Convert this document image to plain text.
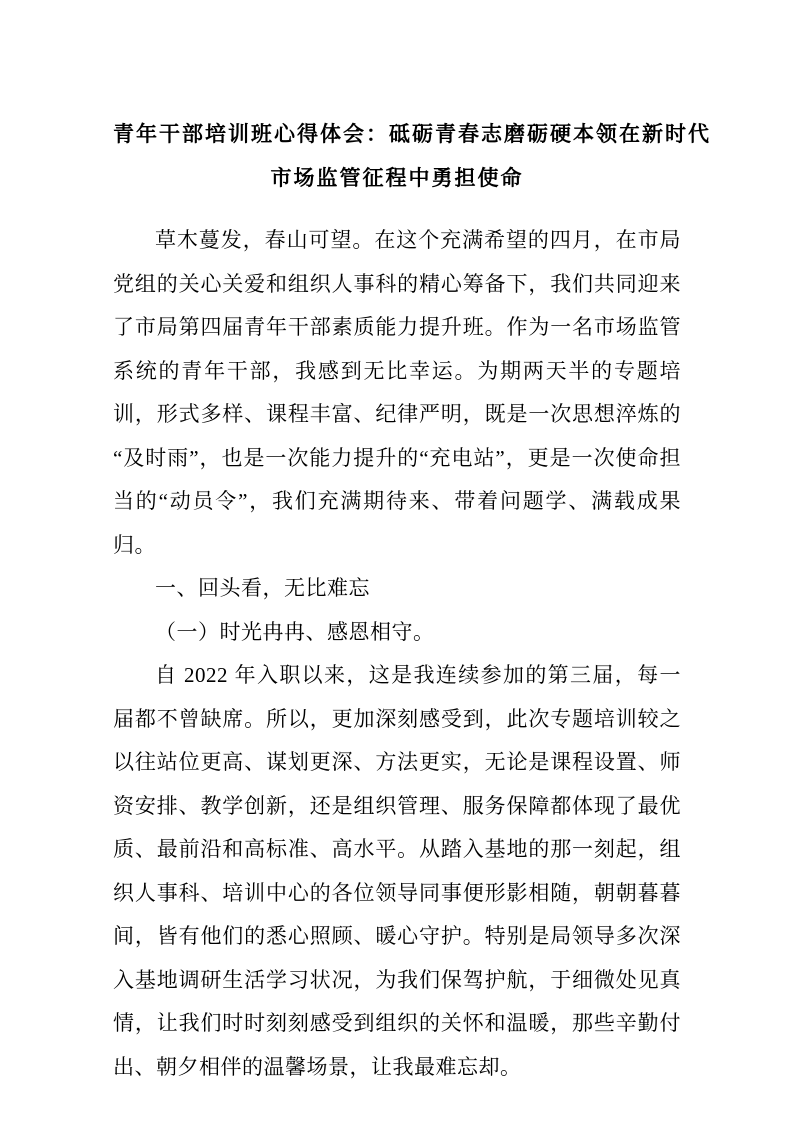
青年干部培训班心得体会：砥砺青春志磨砺硬本领在新时代
市场监管征程中勇担使命

草木蔓发，春山可望。在这个充满希望的四月，在市局党组的关心关爱和组织人事科的精心筹备下，我们共同迎来了市局第四届青年干部素质能力提升班。作为一名市场监管系统的青年干部，我感到无比幸运。为期两天半的专题培训，形式多样、课程丰富、纪律严明，既是一次思想淬炼的“及时雨”，也是一次能力提升的“充电站”，更是一次使命担当的“动员令”，我们充满期待来、带着问题学、满载成果归。

一、回头看，无比难忘

（一）时光冉冉、感恩相守。

自 2022 年入职以来，这是我连续参加的第三届，每一届都不曾缺席。所以，更加深刻感受到，此次专题培训较之以往站位更高、谋划更深、方法更实，无论是课程设置、师资安排、教学创新，还是组织管理、服务保障都体现了最优质、最前沿和高标准、高水平。从踏入基地的那一刻起，组织人事科、培训中心的各位领导同事便形影相随，朝朝暮暮间，皆有他们的悉心照顾、暖心守护。特别是局领导多次深入基地调研生活学习状况，为我们保驾护航，于细微处见真情，让我们时时刻刻感受到组织的关怀和温暖，那些辛勤付出、朝夕相伴的温馨场景，让我最难忘却。
